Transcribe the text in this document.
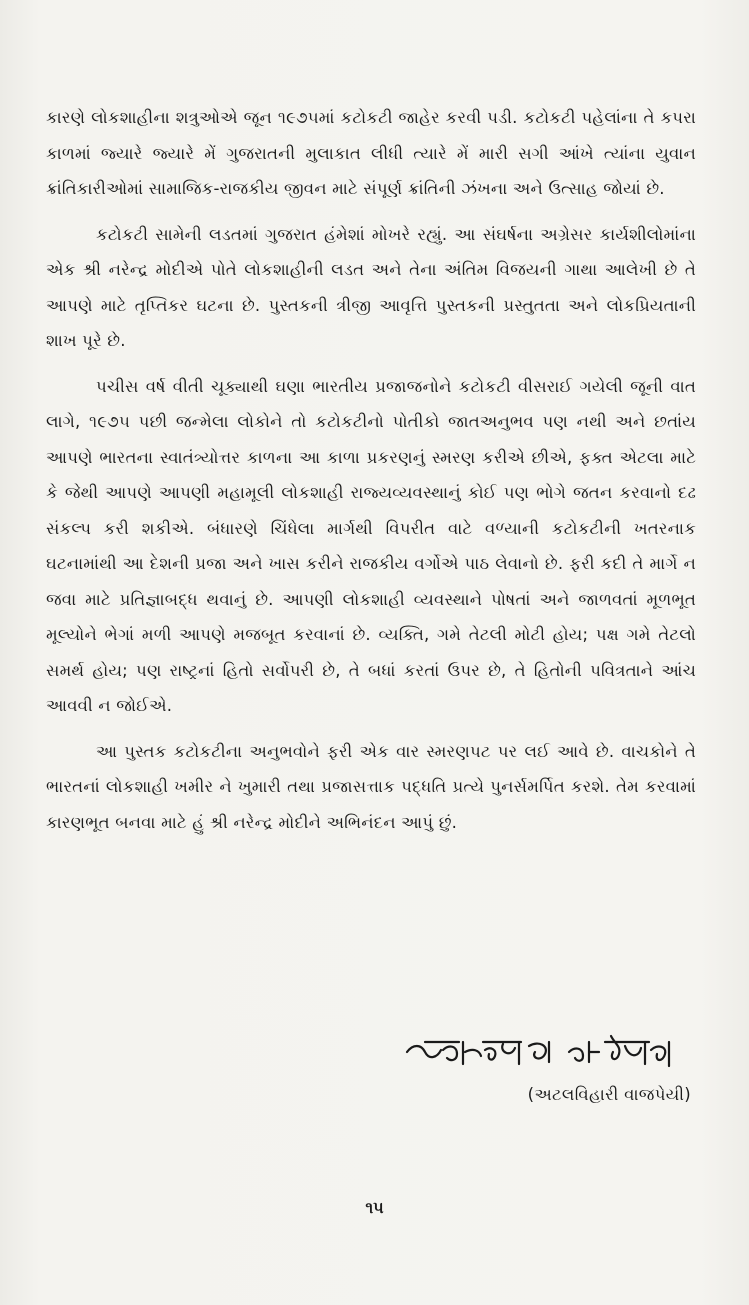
કારણે લોકશાહીના શત્રુઓએ જૂન ૧૯૭૫માં કટોકટી જાહેર કરવી પડી. કટોકટી પહેલાંના તે કપરા કાળમાં જ્યારે જ્યારે મેં ગુજરાતની મુલાકાત લીધી ત્યારે મેં મારી સગી આંખે ત્યાંના યુવાન ક્રાંતિકારીઓમાં સામાજિક-રાજકીય જીવન માટે સંપૂર્ણ ક્રાંતિની ઝંખના અને ઉત્સાહ જોયાં છે.

કટોકટી સામેની લડતમાં ગુજરાત હંમેશાં મોખરે રહ્યું. આ સંઘર્ષના અગ્રેસર કાર્યશીલોમાંના એક શ્રી નરેન્દ્ર મોદીએ પોતે લોકશાહીની લડત અને તેના અંતિમ વિજયની ગાથા આલેખી છે તે આપણે માટે તૃપ્તિકર ઘટના છે. પુસ્તકની ત્રીજી આવૃત્તિ પુસ્તકની પ્રસ્તુતતા અને લોકપ્રિયતાની શાખ પૂરે છે.

પચીસ વર્ષ વીતી ચૂક્યાથી ઘણા ભારતીય પ્રજાજનોને કટોકટી વીસરાઈ ગયેલી જૂની વાત લાગે, ૧૯૭૫ પછી જન્મેલા લોકોને તો કટોકટીનો પોતીકો જાતઅનુભવ પણ નથી અને છતાંય આપણે ભારતના સ્વાતંત્ર્યોત્તર કાળના આ કાળા પ્રકરણનું સ્મરણ કરીએ છીએ, ફક્ત એટલા માટે કે જેથી આપણે આપણી મહામૂલી લોકશાહી રાજ્યવ્યવસ્થાનું કોઈ પણ ભોગે જતન કરવાનો દઢ સંકલ્પ કરી શકીએ. બંધારણે ચિંધેલા માર્ગથી વિપરીત વાટે વળ્યાની કટોકટીની ખતરનાક ઘટનામાંથી આ દેશની પ્રજા અને ખાસ કરીને રાજકીય વર્ગોએ પાઠ લેવાનો છે. ફરી કદી તે માર્ગે ન જવા માટે પ્રતિજ્ઞાબદ્ધ થવાનું છે. આપણી લોકશાહી વ્યવસ્થાને પોષતાં અને જાળવતાં મૂળભૂત મૂલ્યોને ભેગાં મળી આપણે મજબૂત કરવાનાં છે. વ્યક્તિ, ગમે તેટલી મોટી હોય; પક્ષ ગમે તેટલો સમર્થ હોય; પણ રાષ્ટ્રનાં હિતો સર્વોપરી છે, તે બધાં કરતાં ઉપર છે, તે હિતોની પવિત્રતાને આંચ આવવી ન જોઈએ.

આ પુસ્તક કટોકટીના અનુભવોને ફરી એક વાર સ્મરણપટ પર લઈ આવે છે. વાચકોને તે ભારતનાં લોકશાહી ખમીર ને ખુમારી તથા પ્રજાસત્તાક પદ્ધતિ પ્રત્યે પુનર્સમર્પિત કરશે. તેમ કરવામાં કારણભૂત બનવા માટે હું શ્રી નરેન્દ્ર મોદીને અભિનંદન આપું છું.

(અટલવિહારી વાજપેયી)
૧૫
